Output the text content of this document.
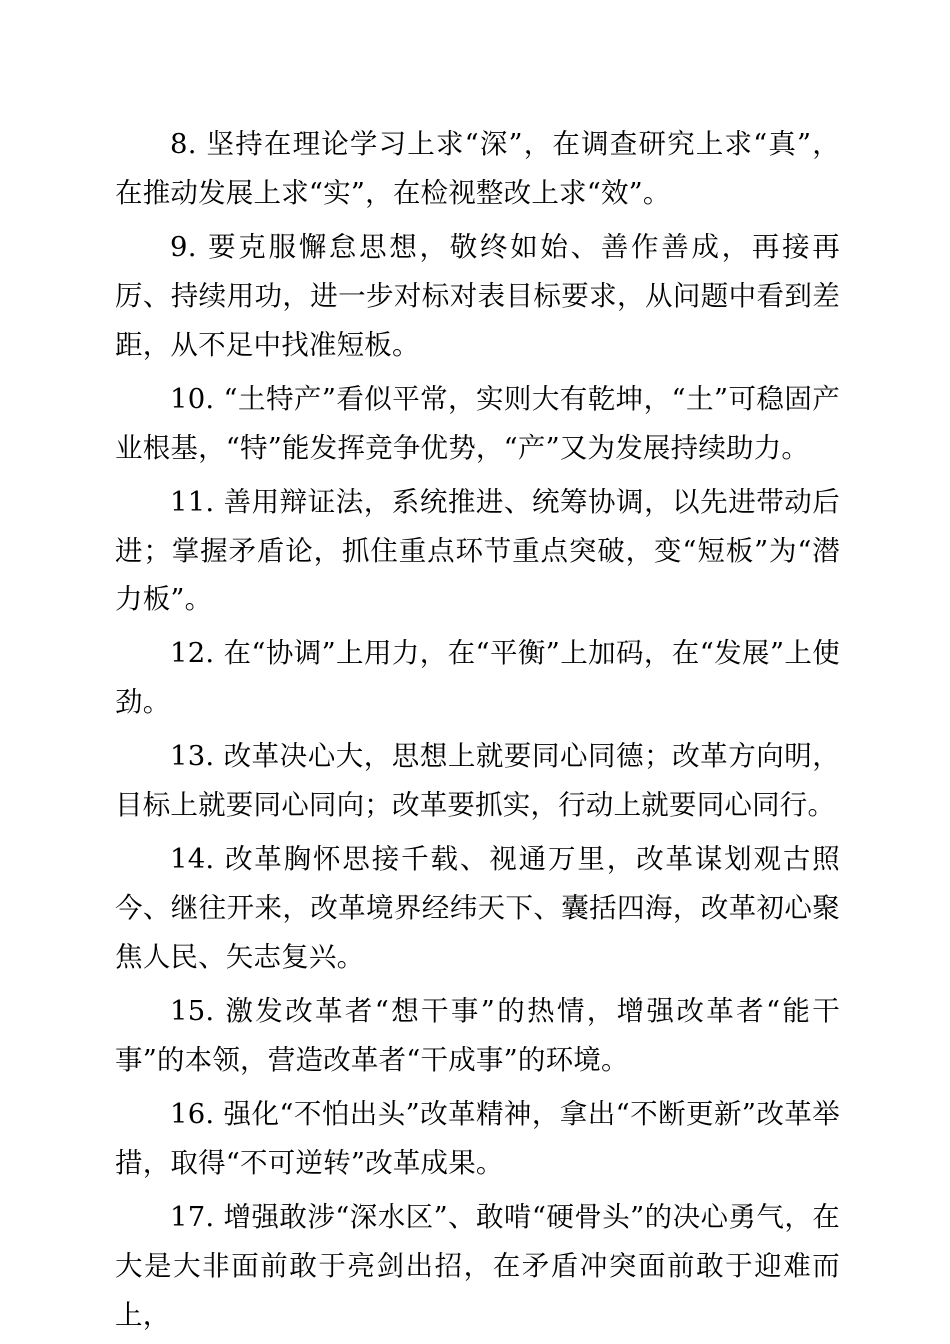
8. 坚持在理论学习上求“深”，在调查研究上求“真”，在推动发展上求“实”，在检视整改上求“效”。

9. 要克服懈怠思想，敬终如始、善作善成，再接再厉、持续用功，进一步对标对表目标要求，从问题中看到差距，从不足中找准短板。

10. “土特产”看似平常，实则大有乾坤，“土”可稳固产业根基，“特”能发挥竞争优势，“产”又为发展持续助力。

11. 善用辩证法，系统推进、统筹协调，以先进带动后进；掌握矛盾论，抓住重点环节重点突破，变“短板”为“潜力板”。

12. 在“协调”上用力，在“平衡”上加码，在“发展”上使劲。

13. 改革决心大，思想上就要同心同德；改革方向明，目标上就要同心同向；改革要抓实，行动上就要同心同行。

14. 改革胸怀思接千载、视通万里，改革谋划观古照今、继往开来，改革境界经纬天下、囊括四海，改革初心聚焦人民、矢志复兴。

15. 激发改革者“想干事”的热情，增强改革者“能干事”的本领，营造改革者“干成事”的环境。

16. 强化“不怕出头”改革精神，拿出“不断更新”改革举措，取得“不可逆转”改革成果。

17. 增强敢涉“深水区”、敢啃“硬骨头”的决心勇气，在大是大非面前敢于亮剑出招，在矛盾冲突面前敢于迎难而上，
